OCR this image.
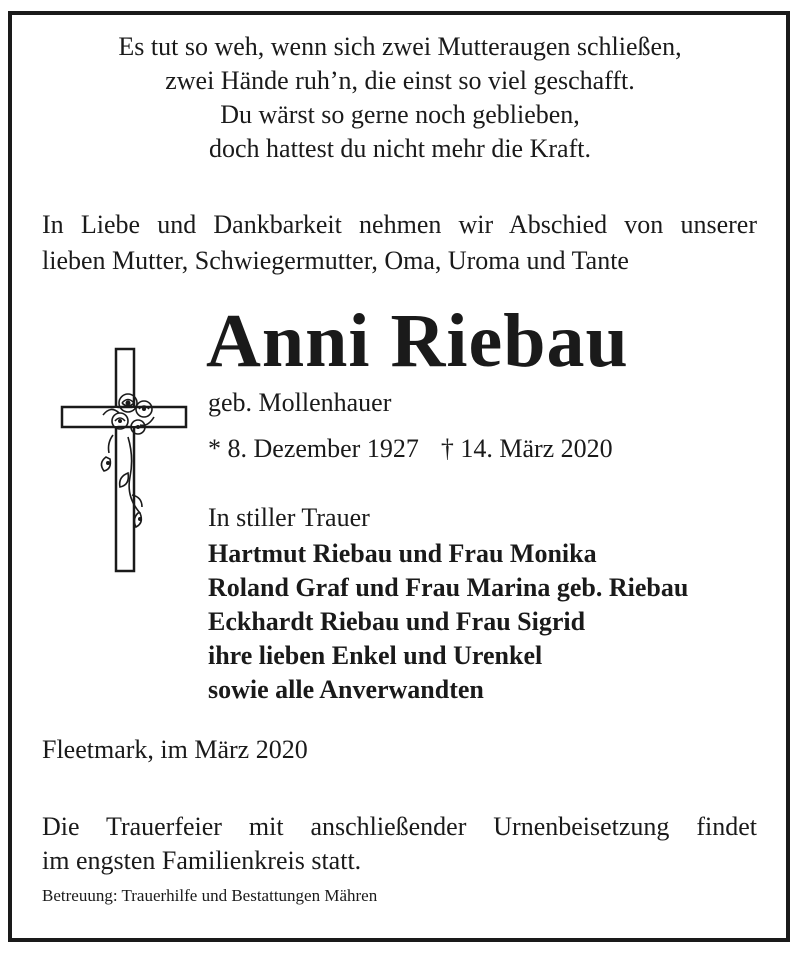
Es tut so weh, wenn sich zwei Mutteraugen schließen,
zwei Hände ruh’n, die einst so viel geschafft.
Du wärst so gerne noch geblieben,
doch hattest du nicht mehr die Kraft.
In Liebe und Dankbarkeit nehmen wir Abschied von unserer
lieben Mutter, Schwiegermutter, Oma, Uroma und Tante
Anni Riebau
geb. Mollenhauer
* 8. Dezember 1927 † 14. März 2020
In stiller Trauer
Hartmut Riebau und Frau Monika
Roland Graf und Frau Marina geb. Riebau
Eckhardt Riebau und Frau Sigrid
ihre lieben Enkel und Urenkel
sowie alle Anverwandten
Fleetmark, im März 2020
Die Trauerfeier mit anschließender Urnenbeisetzung findet
im engsten Familienkreis statt.
Betreuung: Trauerhilfe und Bestattungen Mähren
